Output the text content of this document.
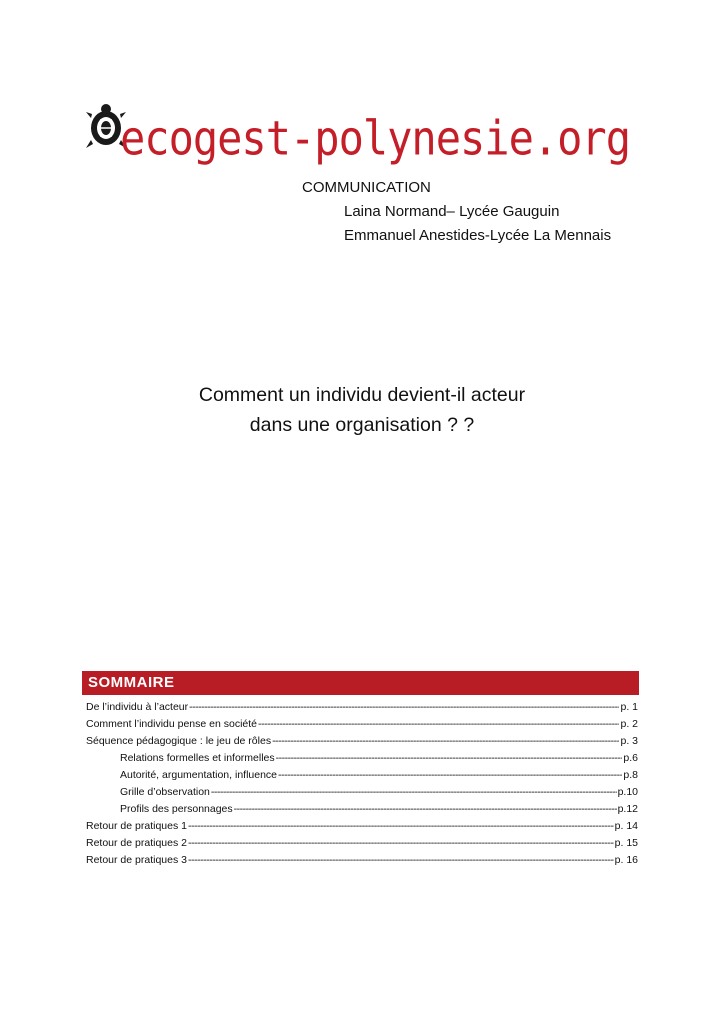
ecogest-polynesie.org
COMMUNICATION
Laina Normand– Lycée Gauguin
Emmanuel Anestides-Lycée La Mennais
Comment un individu devient-il acteur
dans une organisation ? ?
SOMMAIRE
De l’individu à l’acteur -----	p. 1
Comment l’individu pense en société -----	p. 2
Séquence pédagogique : le jeu de rôles -----	p. 3
Relations formelles et informelles -----	p.6
Autorité, argumentation, influence -----	p.8
Grille d’observation -----	p.10
Profils des personnages -----	p.12
Retour de pratiques 1 -----	p. 14
Retour de pratiques 2 -----	p. 15
Retour de pratiques 3 -----	p. 16
